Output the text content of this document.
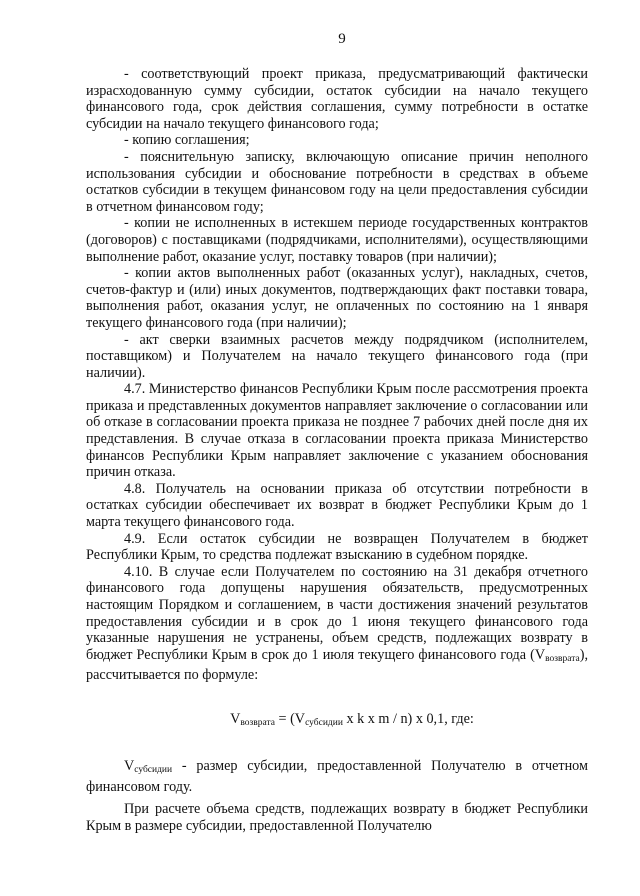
9

- соответствующий проект приказа, предусматривающий фактически израсходованную сумму субсидии, остаток субсидии на начало текущего финансового года, срок действия соглашения, сумму потребности в остатке субсидии на начало текущего финансового года;

- копию соглашения;

- пояснительную записку, включающую описание причин неполного использования субсидии и обоснование потребности в средствах в объеме остатков субсидии в текущем финансовом году на цели предоставления субсидии в отчетном финансовом году;

- копии не исполненных в истекшем периоде государственных контрактов (договоров) с поставщиками (подрядчиками, исполнителями), осуществляющими выполнение работ, оказание услуг, поставку товаров (при наличии);

- копии актов выполненных работ (оказанных услуг), накладных, счетов, счетов-фактур и (или) иных документов, подтверждающих факт поставки товара, выполнения работ, оказания услуг, не оплаченных по состоянию на 1 января текущего финансового года (при наличии);

- акт сверки взаимных расчетов между подрядчиком (исполнителем, поставщиком) и Получателем на начало текущего финансового года (при наличии).

4.7. Министерство финансов Республики Крым после рассмотрения проекта приказа и представленных документов направляет заключение о согласовании или об отказе в согласовании проекта приказа не позднее 7 рабочих дней после дня их представления. В случае отказа в согласовании проекта приказа Министерство финансов Республики Крым направляет заключение с указанием обоснования причин отказа.

4.8. Получатель на основании приказа об отсутствии потребности в остатках субсидии обеспечивает их возврат в бюджет Республики Крым до 1 марта текущего финансового года.

4.9. Если остаток субсидии не возвращен Получателем в бюджет Республики Крым, то средства подлежат взысканию в судебном порядке.

4.10. В случае если Получателем по состоянию на 31 декабря отчетного финансового года допущены нарушения обязательств, предусмотренных настоящим Порядком и соглашением, в части достижения значений результатов предоставления субсидии и в срок до 1 июня текущего финансового года указанные нарушения не устранены, объем средств, подлежащих возврату в бюджет Республики Крым в срок до 1 июля текущего финансового года $(V_{возврата})$, рассчитывается по формуле:

$V_{возврата} = (V_{субсидии}$ x k x m / n) x 0,1, где:

$V_{субсидии}$ - размер субсидии, предоставленной Получателю в отчетном финансовом году.

При расчете объема средств, подлежащих возврату в бюджет Республики Крым в размере субсидии, предоставленной Получателю
